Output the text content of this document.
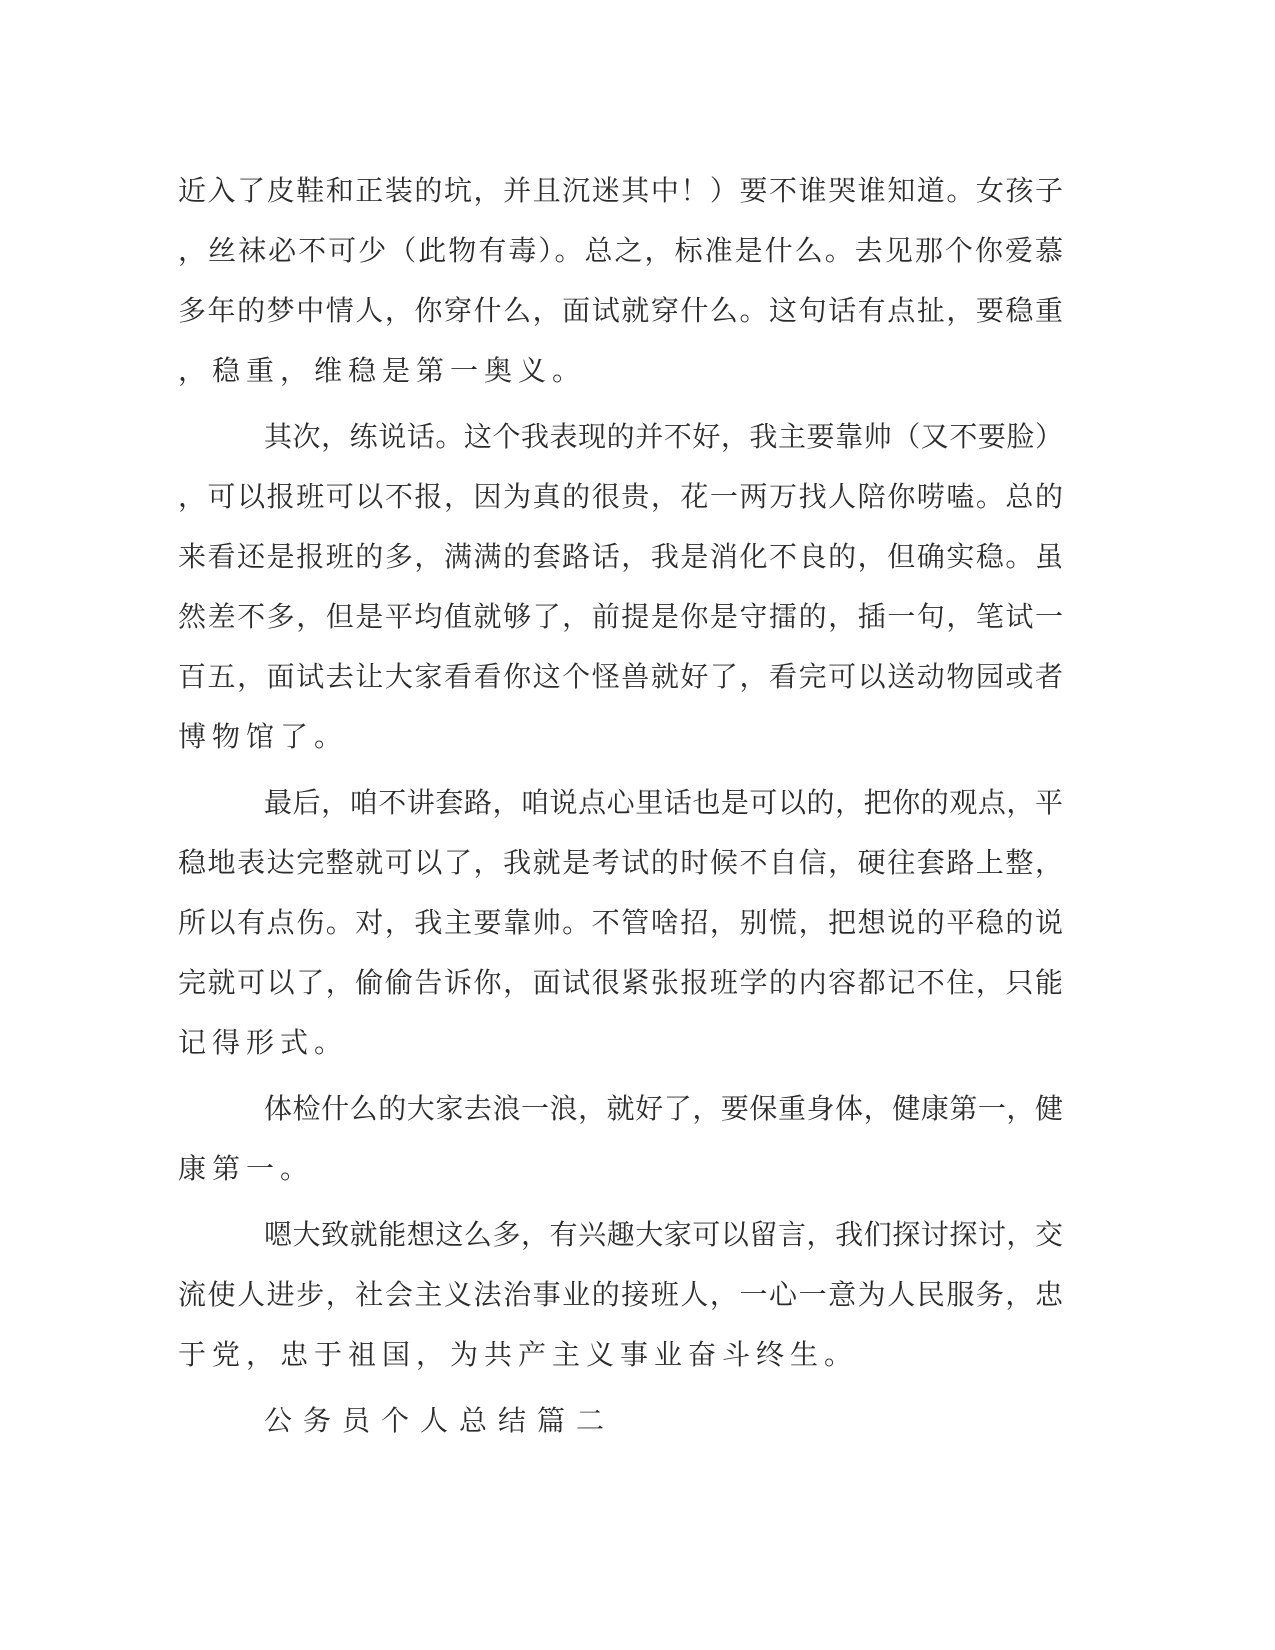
近入了皮鞋和正装的坑，并且沉迷其中！）要不谁哭谁知道。女孩子
，丝袜必不可少（此物有毒）。总之，标准是什么。去见那个你爱慕
多年的梦中情人，你穿什么，面试就穿什么。这句话有点扯，要稳重
，稳重，维稳是第一奥义。
其次，练说话。这个我表现的并不好，我主要靠帅（又不要脸）
，可以报班可以不报，因为真的很贵，花一两万找人陪你唠嗑。总的
来看还是报班的多，满满的套路话，我是消化不良的，但确实稳。虽
然差不多，但是平均值就够了，前提是你是守擂的，插一句，笔试一
百五，面试去让大家看看你这个怪兽就好了，看完可以送动物园或者
博物馆了。
最后，咱不讲套路，咱说点心里话也是可以的，把你的观点，平
稳地表达完整就可以了，我就是考试的时候不自信，硬往套路上整，
所以有点伤。对，我主要靠帅。不管啥招，别慌，把想说的平稳的说
完就可以了，偷偷告诉你，面试很紧张报班学的内容都记不住，只能
记得形式。
体检什么的大家去浪一浪，就好了，要保重身体，健康第一，健
康第一。
嗯大致就能想这么多，有兴趣大家可以留言，我们探讨探讨，交
流使人进步，社会主义法治事业的接班人，一心一意为人民服务，忠
于党，忠于祖国，为共产主义事业奋斗终生。
公务员个人总结篇二
